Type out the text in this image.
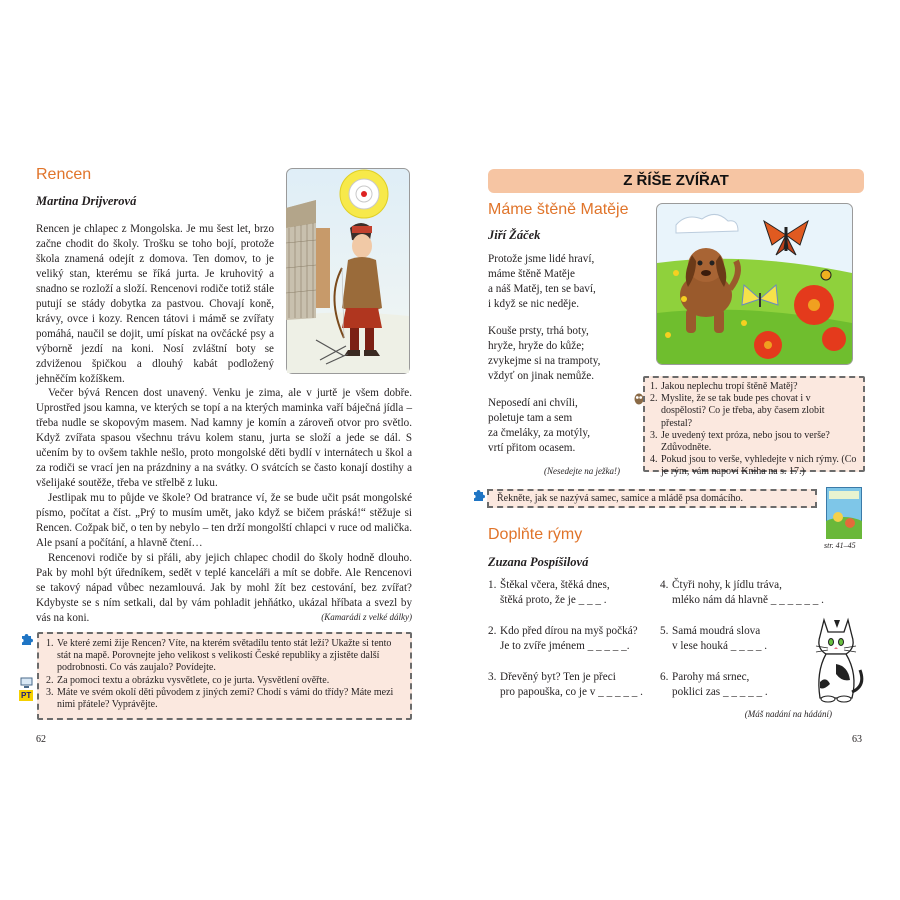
Rencen
Martina Drijverová

Rencen je chlapec z Mongolska. Je mu šest let, brzo začne chodit do školy. Trošku se toho bojí, protože škola znamená odejít z domova. Ten domov, to je veliký stan, kterému se říká jurta. Je kruhovitý a snadno se rozloží a složí. Rencenovi rodiče totiž stále putují se stády dobytka za pastvou. Chovají koně, krávy, ovce i kozy. Rencen tátovi i mámě se zvířaty pomáhá, naučil se dojit, umí pískat na ovčácké psy a výborně jezdí na koni. Nosí zvláštní boty se zdviženou špičkou a dlouhý kabát podložený jehněčím kožíškem.

Večer bývá Rencen dost unavený. Venku je zima, ale v jurtě je všem dobře. Uprostřed jsou kamna, ve kterých se topí a na kterých maminka vaří báječná jídla – třeba nudle se skopovým masem. Nad kamny je komín a zároveň otvor pro světlo. Když zvířata spasou všechnu trávu kolem stanu, jurta se složí a jede se dál. S učením by to ovšem takhle nešlo, proto mongolské děti bydlí v internátech u škol a za rodiči se vrací jen na prázdniny a na svátky. O svátcích se často konají dostihy a všelijaké soutěže, třeba ve střelbě z luku.

Jestlipak mu to půjde ve škole? Od bratrance ví, že se bude učit psát mongolské písmo, počítat a číst. „Prý to musím umět, jako když se bičem práská!“ stěžuje si Rencen. Cožpak bič, o ten by nebylo – ten drží mongolští chlapci v ruce od malička. Ale psaní a počítání, a hlavně čtení…

Rencenovi rodiče by si přáli, aby jejich chlapec chodil do školy hodně dlouho. Pak by mohl být úředníkem, sedět v teplé kanceláři a mít se dobře. Ale Rencenovi se takový nápad vůbec nezamlouvá. Jak by mohl žít bez cestování, bez zvířat? Kdybyste se s ním setkali, dal by vám pohladit jehňátko, ukázal hříbata a svezl by vás na koni.	(Kamarádi z velké dálky)
PT
1. Ve které zemi žije Rencen? Víte, na kterém světadílu tento stát leží? Ukažte si tento stát na mapě. Porovnejte jeho velikost s velikostí České republiky a zjistěte další podrobnosti. Co vás zaujalo? Povídejte.
2. Za pomoci textu a obrázku vysvětlete, co je jurta. Vysvětlení ověřte.
3. Máte ve svém okolí děti původem z jiných zemí? Chodí s vámi do třídy? Máte mezi nimi přátele? Vyprávějte.
62
Z ŘÍŠE ZVÍŘAT
Máme štěně Matěje
Jiří Žáček
Protože jsme lidé hraví,
máme štěně Matěje
a náš Matěj, ten se baví,
i když se nic neděje.
Kouše prsty, trhá boty,
hryže, hryže do kůže;
zvykejme si na trampoty,
vždyť on jinak nemůže.
Neposedí ani chvíli,
poletuje tam a sem
za čmeláky, za motýly,
vrtí přitom ocasem.
(Nesedejte na ježka!)
1. Jakou neplechu tropí štěně Matěj?
2. Myslite, že se tak bude pes chovat i v dospělosti? Co je třeba, aby časem zlobit přestal?
3. Je uvedený text próza, nebo jsou to verše? Zdůvodněte.
4. Pokud jsou to verše, vyhledejte v nich rýmy. (Co je rým, vám napoví Kniha na s. 17.)
Řekněte, jak se nazývá samec, samice a mládě psa domácího.
str. 41–45
Doplňte rýmy
Zuzana Pospíšilová
1. Štěkal včera, štěká dnes,
štěká proto, že je _ _ _ .
2. Kdo před dírou na myš počká?
Je to zvíře jménem _ _ _ _ _.
3. Dřevěný byt? Ten je přeci
pro papouška, co je v _ _ _ _ _ .
4. Čtyři nohy, k jídlu tráva,
mléko nám dá hlavně _ _ _ _ _ _ .
5. Samá moudrá slova
v lese houká _ _ _ _ .
6. Parohy má srnec,
poklici zas _ _ _ _ _ .
(Máš nadání na hádání)
63
